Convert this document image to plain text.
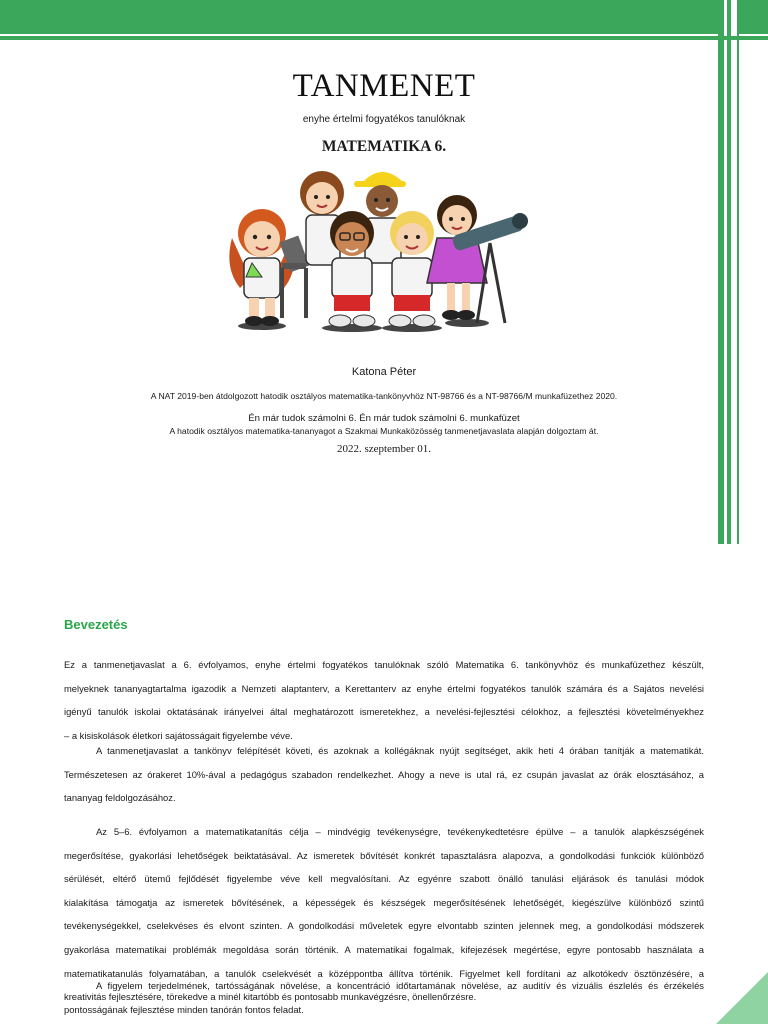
TANMENET
enyhe értelmi fogyatékos tanulóknak
MATEMATIKA 6.
Katona Péter
A NAT 2019-ben átdolgozott hatodik osztályos matematika-tankönyvhöz NT-98766 és a NT-98766/M munkafüzethez 2020.
Én már tudok számolni 6. Én már tudok számolni 6. munkafüzet
A hatodik osztályos matematika-tananyagot a Szakmai Munkaközösség tanmenetjavaslata alapján dolgoztam át.
2022. szeptember 01.
Bevezetés
Ez a tanmenetjavaslat a 6. évfolyamos, enyhe értelmi fogyatékos tanulóknak szóló Matematika 6. tankönyvhöz és munkafüzethez készült,
melyeknek tananyagtartalma igazodik a Nemzeti alaptanterv, a Kerettanterv az enyhe értelmi fogyatékos tanulók számára és a Sajátos nevelési
igényű tanulók iskolai oktatásának irányelvei által meghatározott ismeretekhez, a nevelési-fejlesztési célokhoz, a fejlesztési követelményekhez
– a kisiskolások életkori sajátosságait figyelembe véve.
A tanmenetjavaslat a tankönyv felépítését követi, és azoknak a kollégáknak nyújt segítséget, akik heti 4 órában tanítják a matematikát.
Természetesen az órakeret 10%-ával a pedagógus szabadon rendelkezhet. Ahogy a neve is utal rá, ez csupán javaslat az órák elosztásához, a
tananyag feldolgozásához.
Az 5–6. évfolyamon a matematikatanítás célja – mindvégig tevékenységre, tevékenykedtetésre épülve – a tanulók alapkészségének
megerősítése, gyakorlási lehetőségek beiktatásával. Az ismeretek bővítését konkrét tapasztalásra alapozva, a gondolkodási funkciók különböző
sérülését, eltérő ütemű fejlődését figyelembe véve kell megvalósítani. Az egyénre szabott önálló tanulási eljárások és tanulási módok
kialakítása támogatja az ismeretek bővítésének, a képességek és készségek megerősítésének lehetőségét, kiegészülve különböző szintű
tevékenységekkel, cselekvéses és elvont szinten. A gondolkodási műveletek egyre elvontabb szinten jelennek meg, a gondolkodási módszerek
gyakorlása matematikai problémák megoldása során történik. A matematikai fogalmak, kifejezések megértése, egyre pontosabb használata a
matematikatanulás folyamatában, a tanulók cselekvését a középpontba állítva történik. Figyelmet kell fordítani az alkotókedv ösztönzésére, a
kreativitás fejlesztésére, törekedve a minél kitartóbb és pontosabb munkavégzésre, önellenőrzésre.
A figyelem terjedelmének, tartósságának növelése, a koncentráció időtartamának növelése, az auditív és vizuális észlelés és érzékelés
pontosságának fejlesztése minden tanórán fontos feladat.
